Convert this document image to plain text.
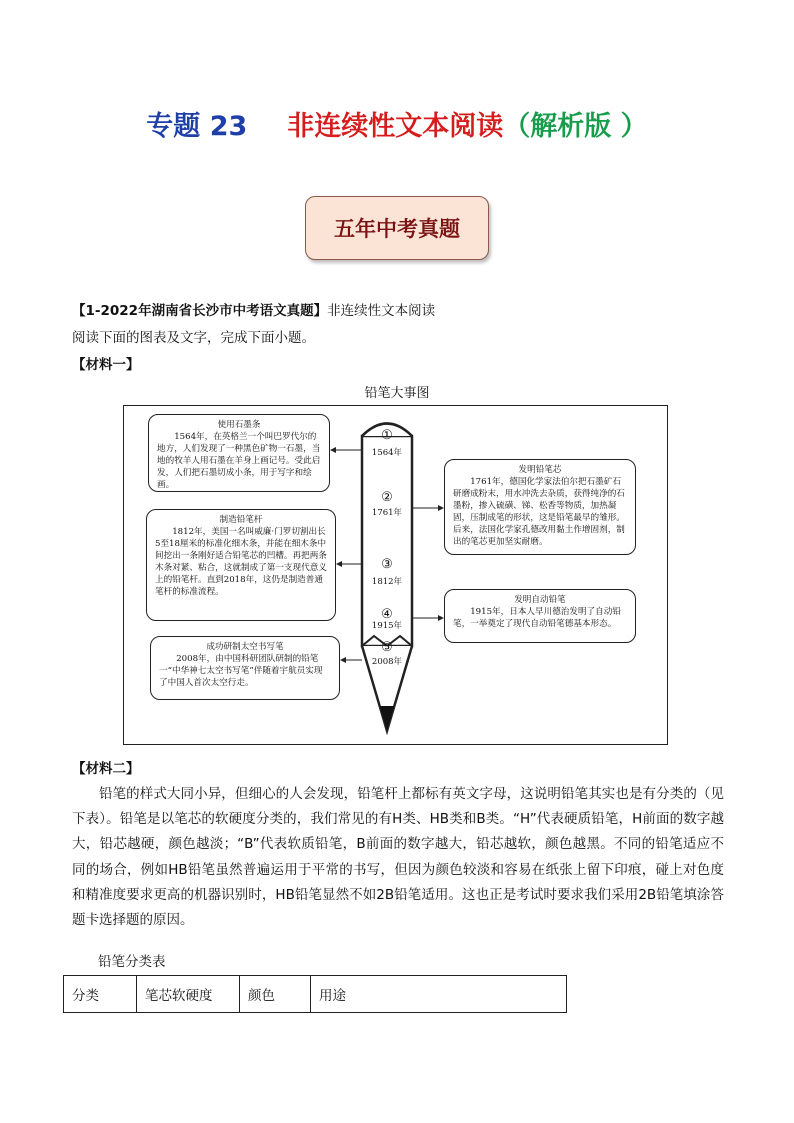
专题 23 非连续性文本阅读（解析版 ）
五年中考真题
【1-2022年湖南省长沙市中考语文真题】非连续性文本阅读
阅读下面的图表及文字，完成下面小题。
【材料一】
铅笔大事图
①
1564年
②
1761年
③
1812年
④
1915年
⑤
2008年
使用石墨条
1564年，在英格兰一个叫巴罗代尔的地方，人们发现了一种黑色矿物一石墨，当地的牧羊人用石墨在羊身上画记号。受此启发，人们把石墨切成小条，用于写字和绘画。
发明铅笔芯
1761年，德国化学家法伯尔把石墨矿石研磨成粉末，用水冲洗去杂质，获得纯净的石墨粉，掺入硫磺、锑、松香等物质，加热凝固，压制成笔的形状，这是铅笔最早的雏形。后来，法国化学家孔德改用黏土作增固剂，制出的笔芯更加坚实耐磨。
制造铅笔杆
1812年，美国一名叫威廉·门罗切割出长5至18厘米的标准化细木条，并能在细木条中间挖出一条刚好适合铅笔芯的凹槽。再把两条木条对紧、粘合，这就制成了第一支现代意义上的铅笔杆。直到2018年，这仍是制造普通笔杆的标准流程。
发明自动铅笔
1915年，日本人早川德治发明了自动铅笔，一举奠定了现代自动铅笔德基本形态。
成功研制太空书写笔
2008年，由中国科研团队研制的铅笔一“中华神七太空书写笔”伴随着宇航员实现了中国人首次太空行走。
【材料二】
铅笔的样式大同小异，但细心的人会发现，铅笔杆上都标有英文字母，这说明铅笔其实也是有分类的（见下表）。铅笔是以笔芯的软硬度分类的，我们常见的有H类、HB类和B类。“H”代表硬质铅笔，H前面的数字越大，铅芯越硬，颜色越淡；“B”代表软质铅笔，B前面的数字越大，铅芯越软，颜色越黑。不同的铅笔适应不同的场合，例如HB铅笔虽然普遍运用于平常的书写，但因为颜色较淡和容易在纸张上留下印痕，碰上对色度和精准度要求更高的机器识别时，HB铅笔显然不如2B铅笔适用。这也正是考试时要求我们采用2B铅笔填涂答题卡选择题的原因。
铅笔分类表
分类	笔芯软硬度	颜色	用途
